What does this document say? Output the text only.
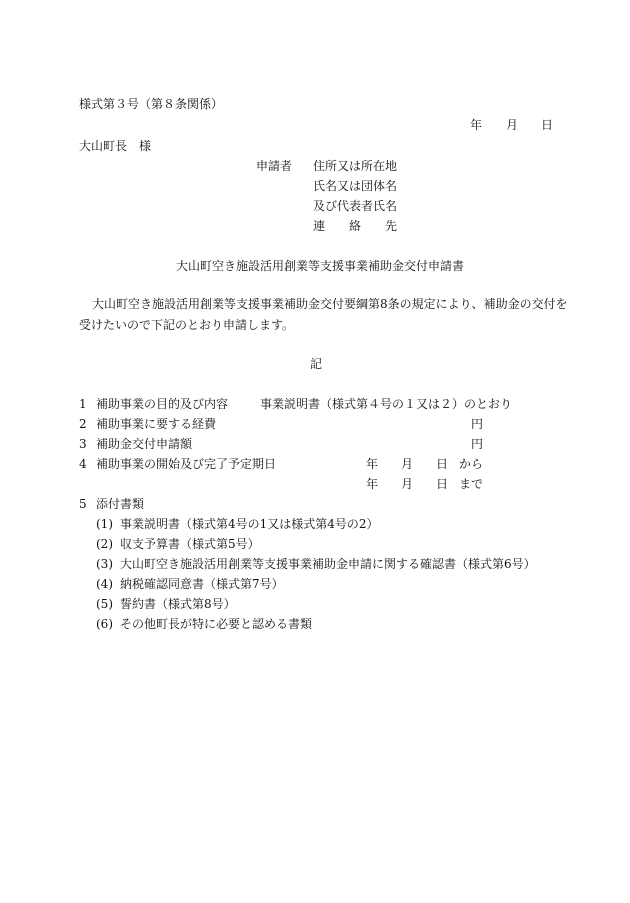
様式第３号（第８条関係）
年 月 日
大山町長　様
申請者 住所又は所在地
氏名又は団体名
及び代表者氏名
連　　絡　　先
大山町空き施設活用創業等支援事業補助金交付申請書
大山町空き施設活用創業等支援事業補助金交付要綱第8条の規定により、補助金の交付を
受けたいので下記のとおり申請します。
記
1 補助事業の目的及び内容	事業説明書（様式第４号の１又は２）のとおり
2 補助事業に要する経費	円
3 補助金交付申請額	円
4 補助事業の開始及び完了予定期日	年 月 日 から
年 月 日 まで
5 添付書類
(1) 事業説明書（様式第4号の1又は様式第4号の2）
(2) 収支予算書（様式第5号）
(3) 大山町空き施設活用創業等支援事業補助金申請に関する確認書（様式第6号）
(4) 納税確認同意書（様式第7号）
(5) 誓約書（様式第8号）
(6) その他町長が特に必要と認める書類
